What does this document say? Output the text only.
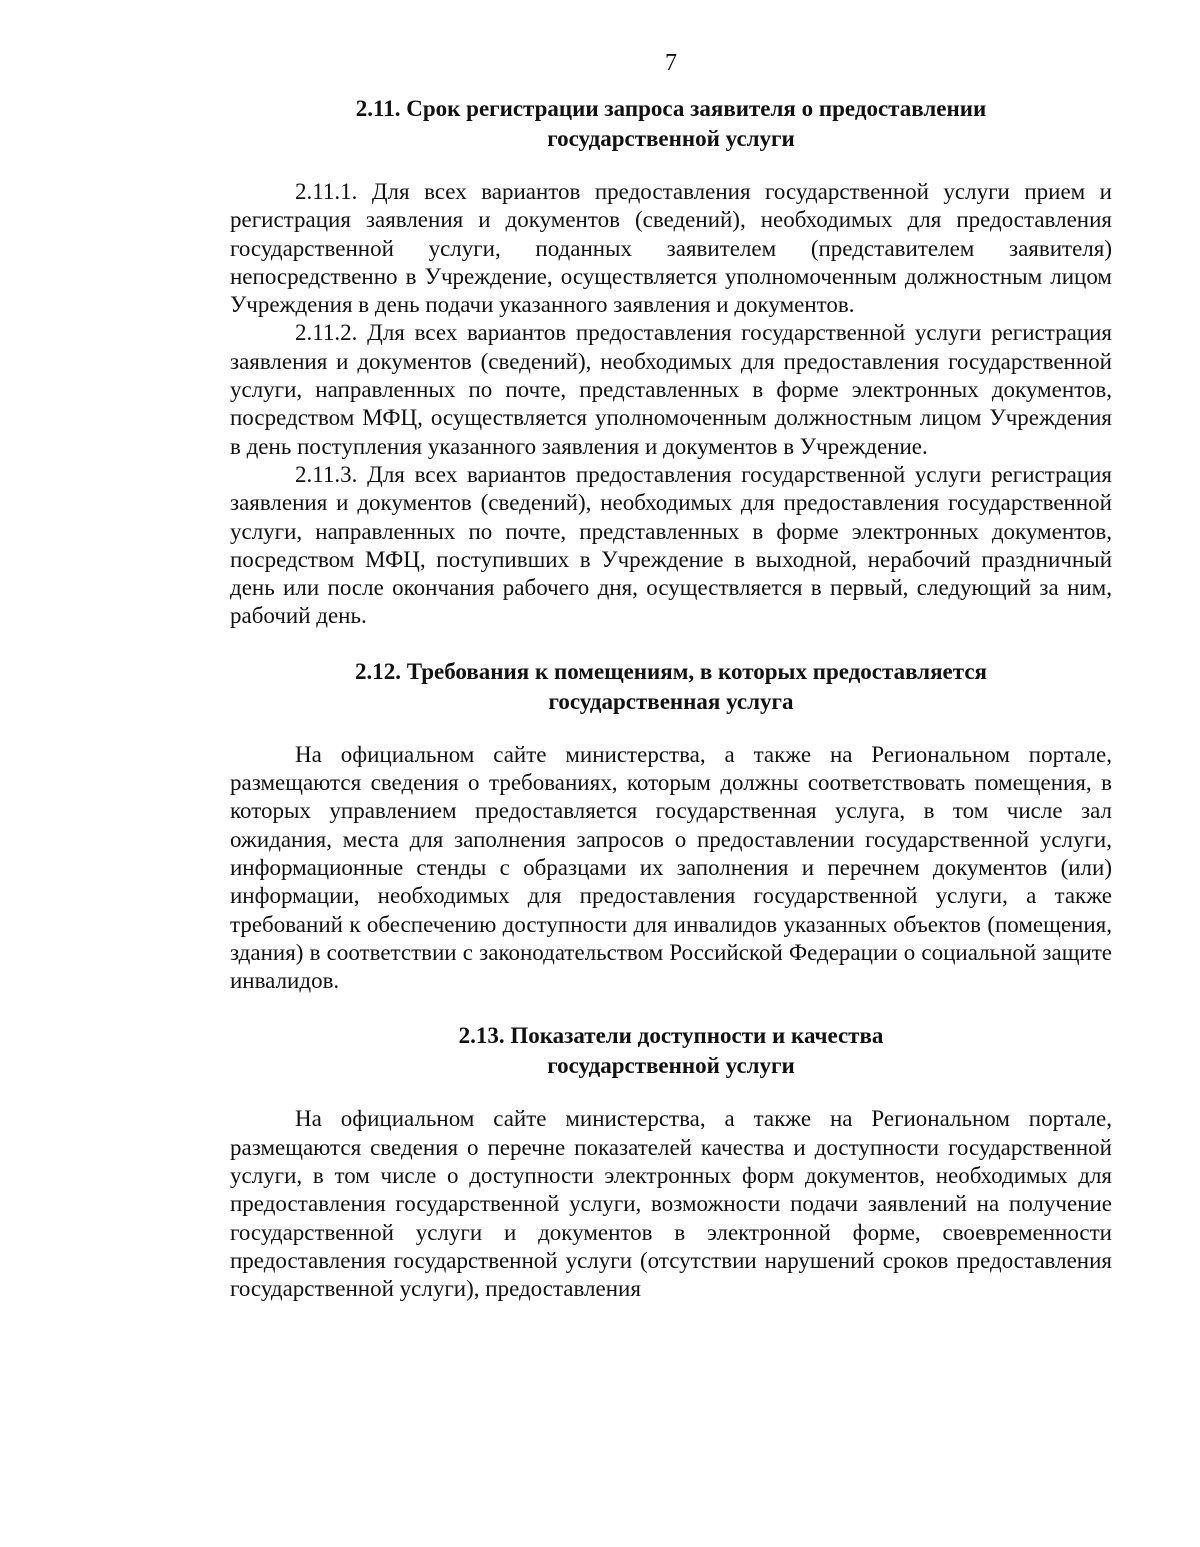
7
2.11. Срок регистрации запроса заявителя о предоставлении
государственной услуги

2.11.1. Для всех вариантов предоставления государственной услуги прием и регистрация заявления и документов (сведений), необходимых для предоставления государственной услуги, поданных заявителем (представителем заявителя) непосредственно в Учреждение, осуществляется уполномоченным должностным лицом Учреждения в день подачи указанного заявления и документов.

2.11.2. Для всех вариантов предоставления государственной услуги регистрация заявления и документов (сведений), необходимых для предоставления государственной услуги, направленных по почте, представленных в форме электронных документов, посредством МФЦ, осуществляется уполномоченным должностным лицом Учреждения в день поступления указанного заявления и документов в Учреждение.

2.11.3. Для всех вариантов предоставления государственной услуги регистрация заявления и документов (сведений), необходимых для предоставления государственной услуги, направленных по почте, представленных в форме электронных документов, посредством МФЦ, поступивших в Учреждение в выходной, нерабочий праздничный день или после окончания рабочего дня, осуществляется в первый, следующий за ним, рабочий день.

2.12. Требования к помещениям, в которых предоставляется
государственная услуга

На официальном сайте министерства, а также на Региональном портале, размещаются сведения о требованиях, которым должны соответствовать помещения, в которых управлением предоставляется государственная услуга, в том числе зал ожидания, места для заполнения запросов о предоставлении государственной услуги, информационные стенды с образцами их заполнения и перечнем документов (или) информации, необходимых для предоставления государственной услуги, а также требований к обеспечению доступности для инвалидов указанных объектов (помещения, здания) в соответствии с законодательством Российской Федерации о социальной защите инвалидов.

2.13. Показатели доступности и качества
государственной услуги

На официальном сайте министерства, а также на Региональном портале, размещаются сведения о перечне показателей качества и доступности государственной услуги, в том числе о доступности электронных форм документов, необходимых для предоставления государственной услуги, возможности подачи заявлений на получение государственной услуги и документов в электронной форме, своевременности предоставления государственной услуги (отсутствии нарушений сроков предоставления государственной услуги), предоставления
